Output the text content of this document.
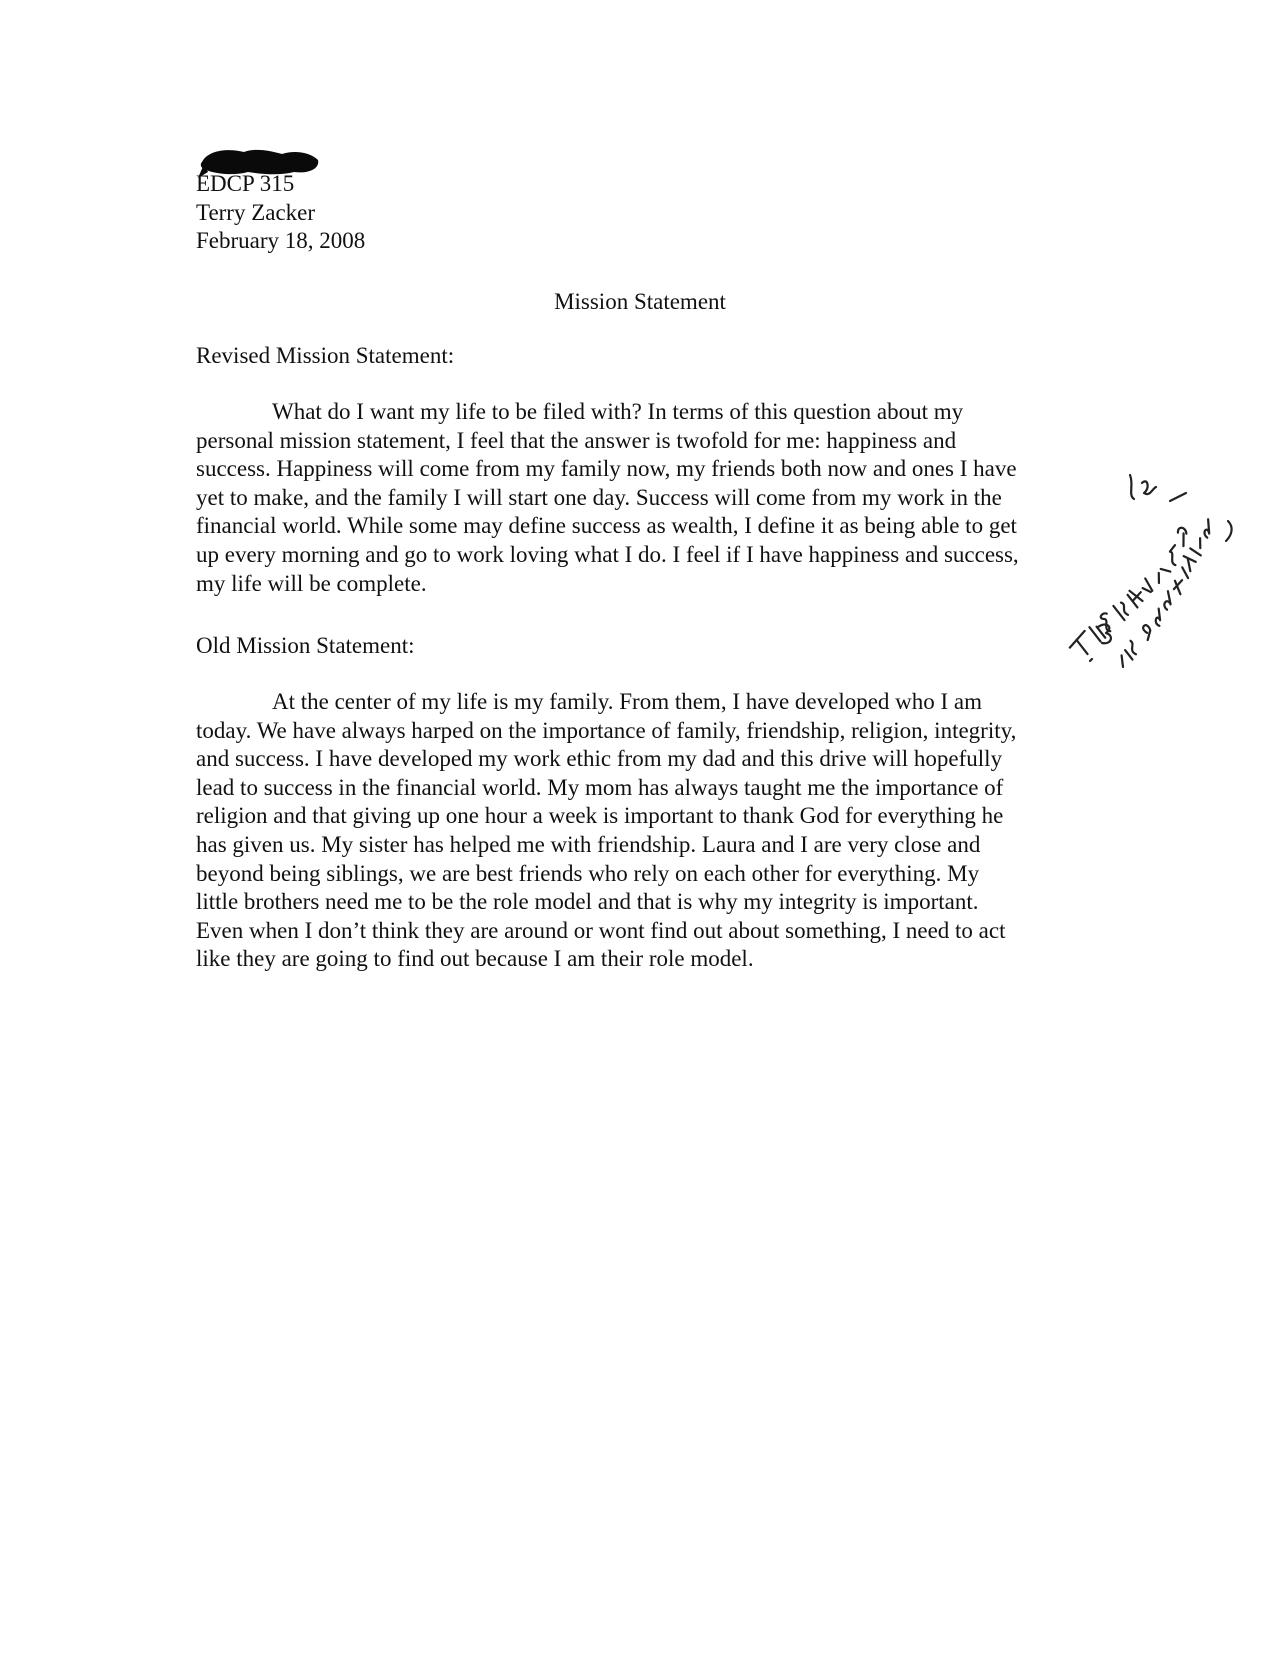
EDCP 315
Terry Zacker
February 18, 2008
Mission Statement
Revised Mission Statement:
What do I want my life to be filed with? In terms of this question about my
personal mission statement, I feel that the answer is twofold for me: happiness and
success. Happiness will come from my family now, my friends both now and ones I have
yet to make, and the family I will start one day. Success will come from my work in the
financial world. While some may define success as wealth, I define it as being able to get
up every morning and go to work loving what I do. I feel if I have happiness and success,
my life will be complete.
Old Mission Statement:
At the center of my life is my family. From them, I have developed who I am
today. We have always harped on the importance of family, friendship, religion, integrity,
and success. I have developed my work ethic from my dad and this drive will hopefully
lead to success in the financial world. My mom has always taught me the importance of
religion and that giving up one hour a week is important to thank God for everything he
has given us. My sister has helped me with friendship. Laura and I are very close and
beyond being siblings, we are best friends who rely on each other for everything. My
little brothers need me to be the role model and that is why my integrity is important.
Even when I don’t think they are around or wont find out about something, I need to act
like they are going to find out because I am their role model.
